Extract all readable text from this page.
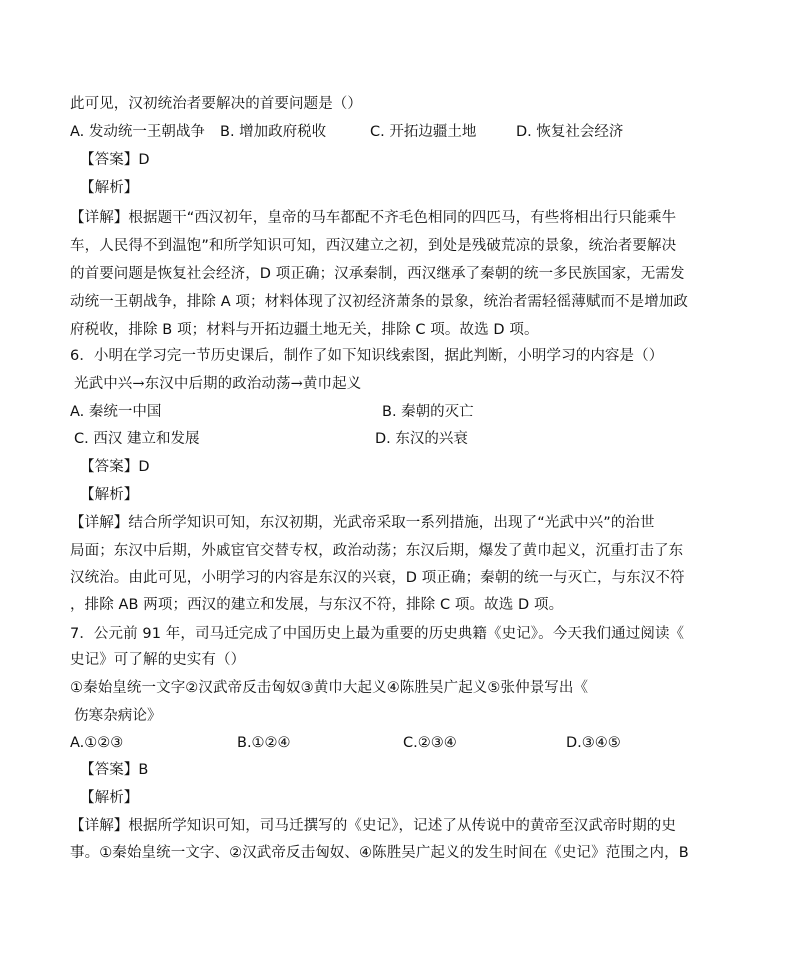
此可见，汉初统治者要解决的首要问题是（）
A. 发动统一王朝战争 B. 增加政府税收	C. 开拓边疆土地	D. 恢复社会经济
【答案】D
【解析】
【详解】根据题干“西汉初年，皇帝的马车都配不齐毛色相同的四匹马，有些将相出行只能乘牛
车，人民得不到温饱”和所学知识可知，西汉建立之初，到处是残破荒凉的景象，统治者要解决
的首要问题是恢复社会经济，D 项正确；汉承秦制，西汉继承了秦朝的统一多民族国家，无需发
动统一王朝战争，排除 A 项；材料体现了汉初经济萧条的景象，统治者需轻徭薄赋而不是增加政
府税收，排除 B 项；材料与开拓边疆土地无关，排除 C 项。故选 D 项。
6．小明在学习完一节历史课后，制作了如下知识线索图，据此判断，小明学习的内容是（）
光武中兴→东汉中后期的政治动荡→黄巾起义
A. 秦统一中国	B. 秦朝的灭亡
C. 西汉 建立和发展	D. 东汉的兴衰
【答案】D
【解析】
【详解】结合所学知识可知，东汉初期，光武帝采取一系列措施，出现了“光武中兴”的治世
局面；东汉中后期，外戚宦官交替专权，政治动荡；东汉后期，爆发了黄巾起义，沉重打击了东
汉统治。由此可见，小明学习的内容是东汉的兴衰，D 项正确；秦朝的统一与灭亡，与东汉不符
，排除 AB 两项；西汉的建立和发展，与东汉不符，排除 C 项。故选 D 项。
7．公元前 91 年，司马迁完成了中国历史上最为重要的历史典籍《史记》。今天我们通过阅读《
史记》可了解的史实有（）
①秦始皇统一文字②汉武帝反击匈奴③黄巾大起义④陈胜吴广起义⑤张仲景写出《
伤寒杂病论》
A.①②③	B.①②④	C.②③④	D.③④⑤
【答案】B
【解析】
【详解】根据所学知识可知，司马迁撰写的《史记》，记述了从传说中的黄帝至汉武帝时期的史
事。①秦始皇统一文字、②汉武帝反击匈奴、④陈胜吴广起义的发生时间在《史记》范围之内，B
